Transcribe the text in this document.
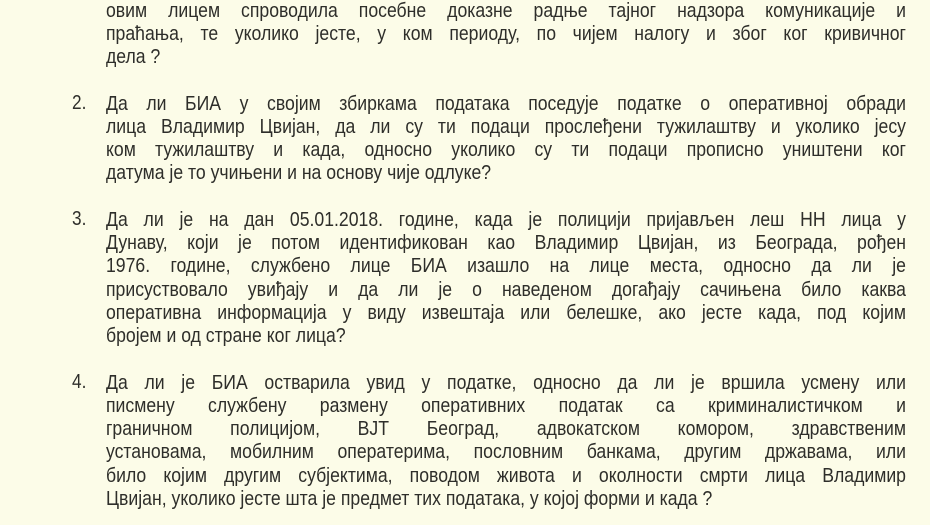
овим лицем спроводила посебне доказне радње тајног надзора комуникације и
праћања, те уколико јесте, у ком периоду, по чијем налогу и због ког кривичног
дела ?
2. Да ли БИА у својим збиркама података поседује податке о оперативној обради
лица Владимир Цвијан, да ли су ти подаци прослеђени тужилаштву и уколико јесу
ком тужилаштву и када, односно уколико су ти подаци прописно уништени ког
датума је то учињени и на основу чије одлуке?
3. Да ли је на дан 05.01.2018. године, када је полицији пријављен леш НН лица у
Дунаву, који је потом идентификован као Владимир Цвијан, из Београда, рођен
1976. године, службено лице БИА изашло на лице места, односно да ли је
присуствовало увиђају и да ли је о наведеном догађају сачињена било каква
оперативна информација у виду извештаја или белешке, ако јесте када, под којим
бројем и од стране ког лица?
4. Да ли је БИА остварила увид у податке, односно да ли је вршила усмену или
писмену службену размену оперативних податак са криминалистичком и
граничном полицијом, ВЈТ Београд, адвокатском комором, здравственим
установама, мобилним оператерима, пословним банкама, другим државама, или
било којим другим субјектима, поводом живота и околности смрти лица Владимир
Цвијан, уколико јесте шта је предмет тих података, у којој форми и када ?
